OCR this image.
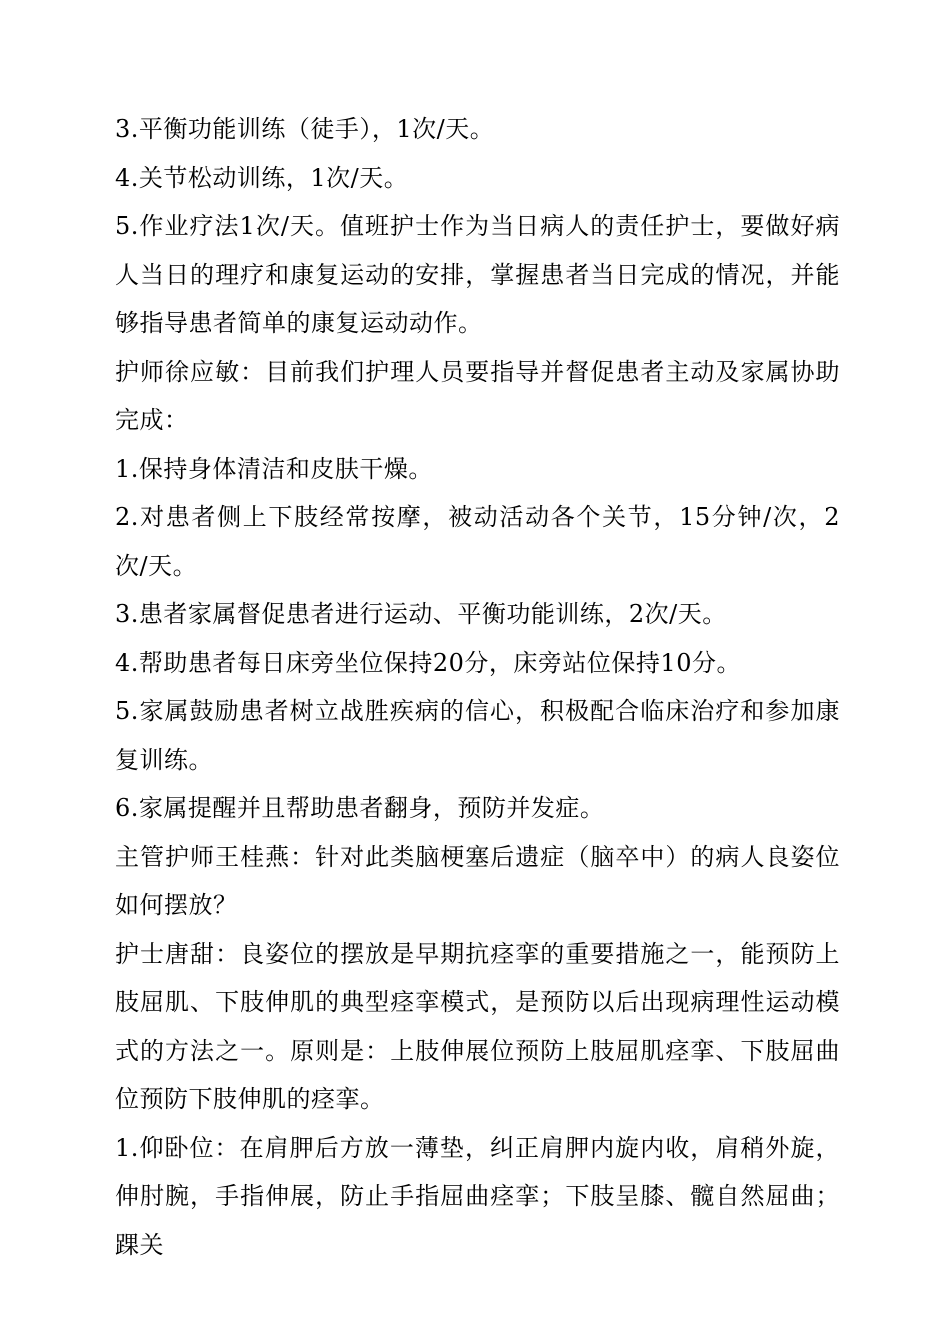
3.平衡功能训练（徒手），1次/天。

4.关节松动训练，1次/天。

5.作业疗法1次/天。值班护士作为当日病人的责任护士，要做好病人当日的理疗和康复运动的安排，掌握患者当日完成的情况，并能够指导患者简单的康复运动动作。

护师徐应敏：目前我们护理人员要指导并督促患者主动及家属协助完成：

1.保持身体清洁和皮肤干燥。

2.对患者侧上下肢经常按摩，被动活动各个关节，15分钟/次，2次/天。

3.患者家属督促患者进行运动、平衡功能训练，2次/天。

4.帮助患者每日床旁坐位保持20分，床旁站位保持10分。

5.家属鼓励患者树立战胜疾病的信心，积极配合临床治疗和参加康复训练。

6.家属提醒并且帮助患者翻身，预防并发症。

主管护师王桂燕：针对此类脑梗塞后遗症（脑卒中）的病人良姿位如何摆放？

护士唐甜：良姿位的摆放是早期抗痉挛的重要措施之一，能预防上肢屈肌、下肢伸肌的典型痉挛模式，是预防以后出现病理性运动模式的方法之一。原则是：上肢伸展位预防上肢屈肌痉挛、下肢屈曲位预防下肢伸肌的痉挛。

1.仰卧位：在肩胛后方放一薄垫，纠正肩胛内旋内收，肩稍外旋，伸肘腕，手指伸展，防止手指屈曲痉挛；下肢呈膝、髋自然屈曲；踝关
